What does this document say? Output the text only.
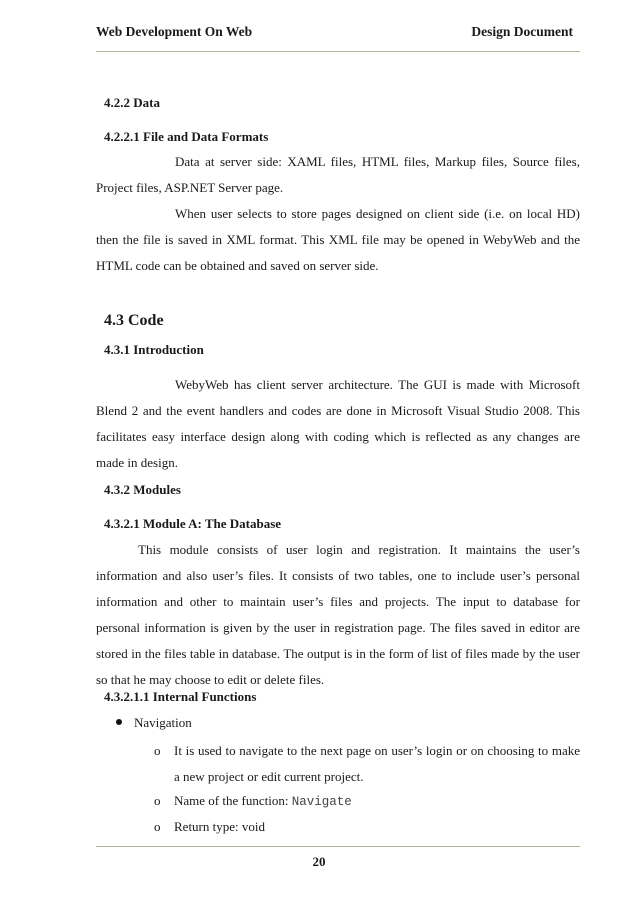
Web Development On Web	Design Document
4.2.2 Data
4.2.2.1 File and Data Formats
Data at server side: XAML files, HTML files, Markup files, Source files, Project files, ASP.NET Server page.
When user selects to store pages designed on client side (i.e. on local HD) then the file is saved in XML format. This XML file may be opened in WebyWeb and the HTML code can be obtained and saved on server side.
4.3 Code
4.3.1 Introduction
WebyWeb has client server architecture. The GUI is made with Microsoft Blend 2 and the event handlers and codes are done in Microsoft Visual Studio 2008. This facilitates easy interface design along with coding which is reflected as any changes are made in design.
4.3.2 Modules
4.3.2.1 Module A: The Database
This module consists of user login and registration. It maintains the user’s information and also user’s files. It consists of two tables, one to include user’s personal information and other to maintain user’s files and projects. The input to database for personal information is given by the user in registration page. The files saved in editor are stored in the files table in database. The output is in the form of list of files made by the user so that he may choose to edit or delete files.
4.3.2.1.1 Internal Functions
Navigation
o It is used to navigate to the next page on user’s login or on choosing to make a new project or edit current project.
o Name of the function: Navigate
o Return type: void
20
